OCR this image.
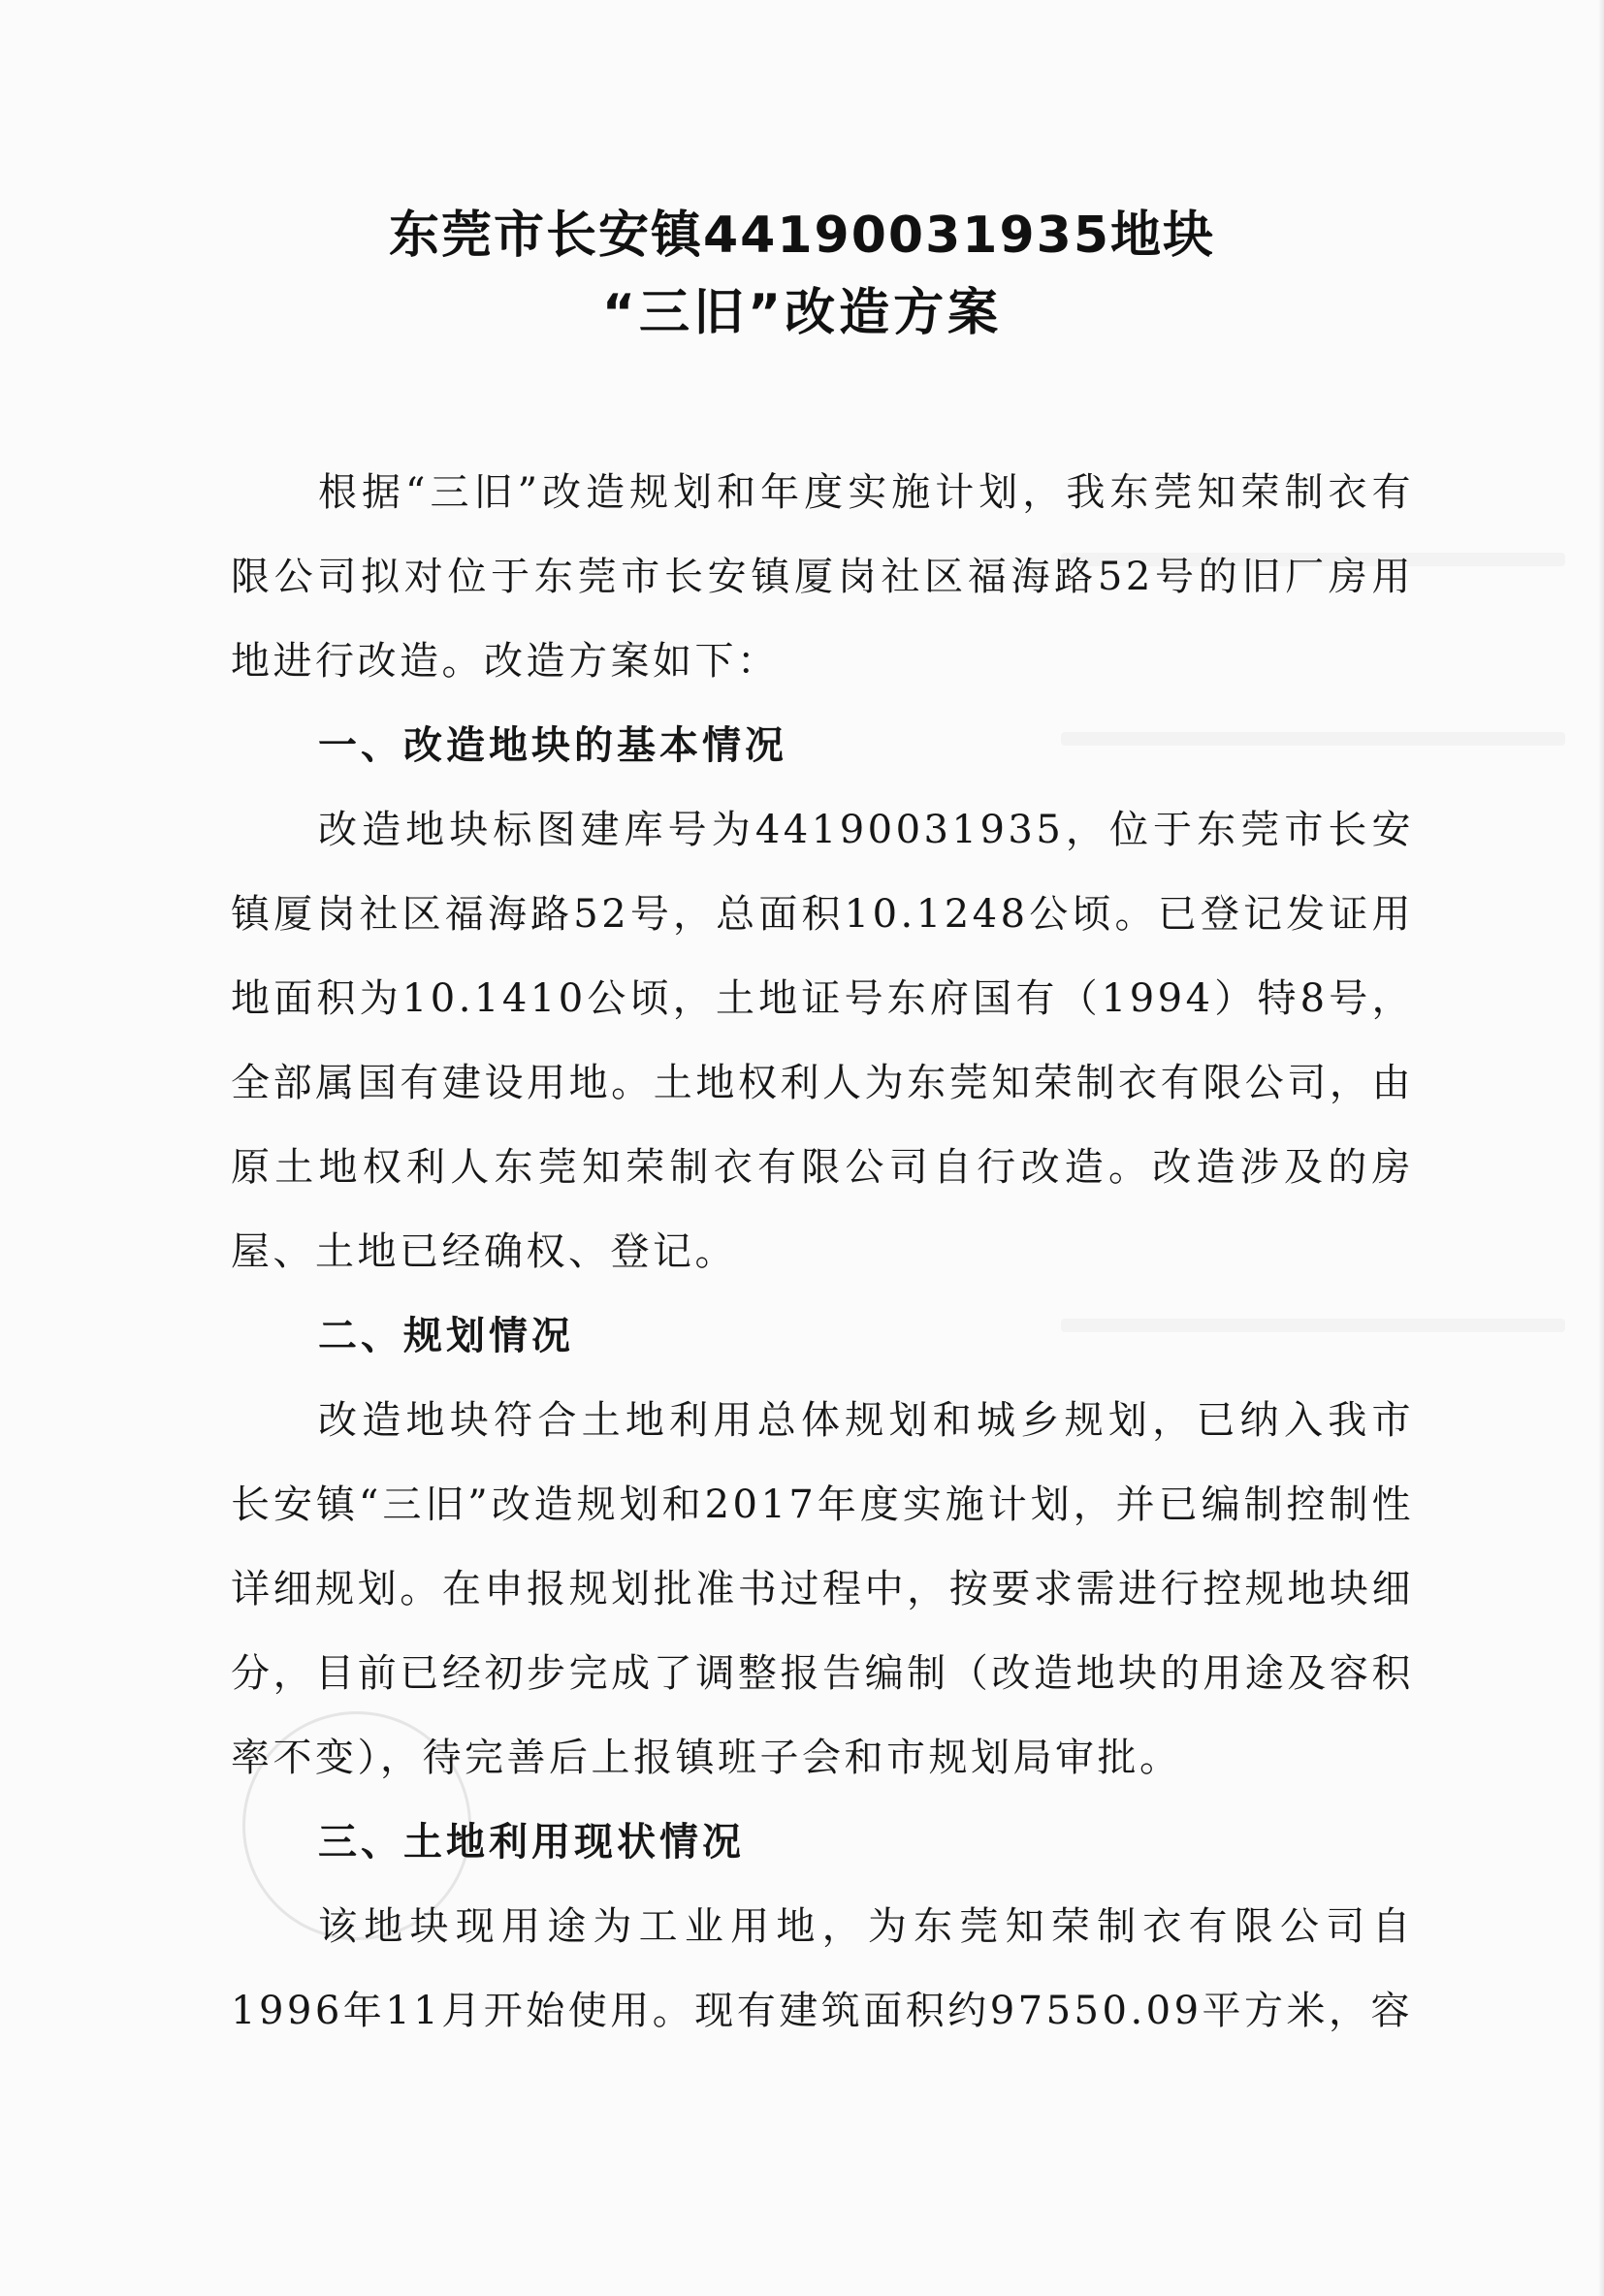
东莞市长安镇44190031935地块
“三旧”改造方案

根据“三旧”改造规划和年度实施计划，我东莞知荣制衣有限公司拟对位于东莞市长安镇厦岗社区福海路52号的旧厂房用地进行改造。改造方案如下：

一、改造地块的基本情况

改造地块标图建库号为44190031935，位于东莞市长安镇厦岗社区福海路52号，总面积10.1248公顷。已登记发证用地面积为10.1410公顷，土地证号东府国有（1994）特8号，全部属国有建设用地。土地权利人为东莞知荣制衣有限公司，由原土地权利人东莞知荣制衣有限公司自行改造。改造涉及的房屋、土地已经确权、登记。

二、规划情况

改造地块符合土地利用总体规划和城乡规划，已纳入我市长安镇“三旧”改造规划和2017年度实施计划，并已编制控制性详细规划。在申报规划批准书过程中，按要求需进行控规地块细分，目前已经初步完成了调整报告编制（改造地块的用途及容积率不变），待完善后上报镇班子会和市规划局审批。

三、土地利用现状情况

该地块现用途为工业用地，为东莞知荣制衣有限公司自1996年11月开始使用。现有建筑面积约97550.09平方米，容
